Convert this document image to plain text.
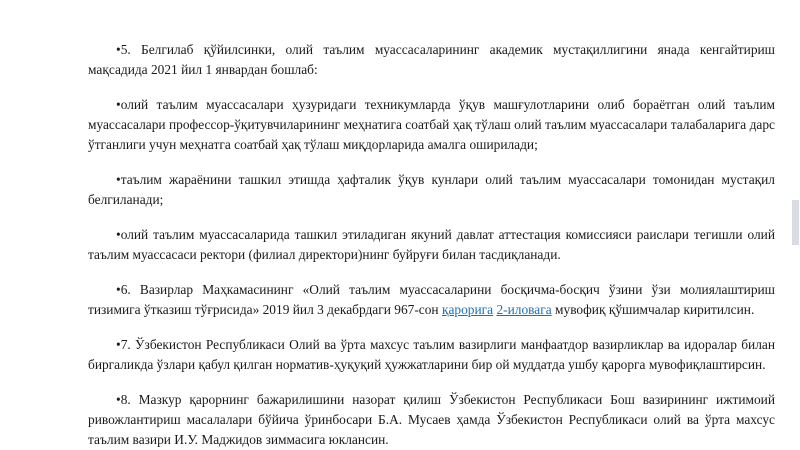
•5. Белгилаб қўйилсинки, олий таълим муассасаларининг академик мустақиллигини янада кенгайтириш мақсадида 2021 йил 1 январдан бошлаб:

•олий таълим муассасалари ҳузуридаги техникумларда ўқув машғулотларини олиб бораётган олий таълим муассасалари профессор-ўқитувчиларининг меҳнатига соатбай ҳақ тўлаш олий таълим муассасалари талабаларига дарс ўтганлиги учун меҳнатга соатбай ҳақ тўлаш миқдорларида амалга оширилади;

•таълим жараёнини ташкил этишда ҳафталик ўқув кунлари олий таълим муассасалари томонидан мустақил белгиланади;

•олий таълим муассасаларида ташкил этиладиган якуний давлат аттестация комиссияси раислари тегишли олий таълим муассасаси ректори (филиал директори)нинг буйруғи билан тасдиқланади.

•6. Вазирлар Маҳкамасининг «Олий таълим муассасаларини босқичма-босқич ўзини ўзи молиялаштириш тизимига ўтказиш тўғрисида» 2019 йил 3 декабрдаги 967-сон қарорига 2-иловага мувофиқ қўшимчалар киритилсин.

•7. Ўзбекистон Республикаси Олий ва ўрта махсус таълим вазирлиги манфаатдор вазирликлар ва идоралар билан биргаликда ўзлари қабул қилган норматив-ҳуқуқий ҳужжатларини бир ой муддатда ушбу қарорга мувофиқлаштирсин.

•8. Мазкур қарорнинг бажарилишини назорат қилиш Ўзбекистон Республикаси Бош вазирининг ижтимоий ривожлантириш масалалари бўйича ўринбосари Б.А. Мусаев ҳамда Ўзбекистон Республикаси олий ва ўрта махсус таълим вазири И.У. Маджидов зиммасига юклансин.
